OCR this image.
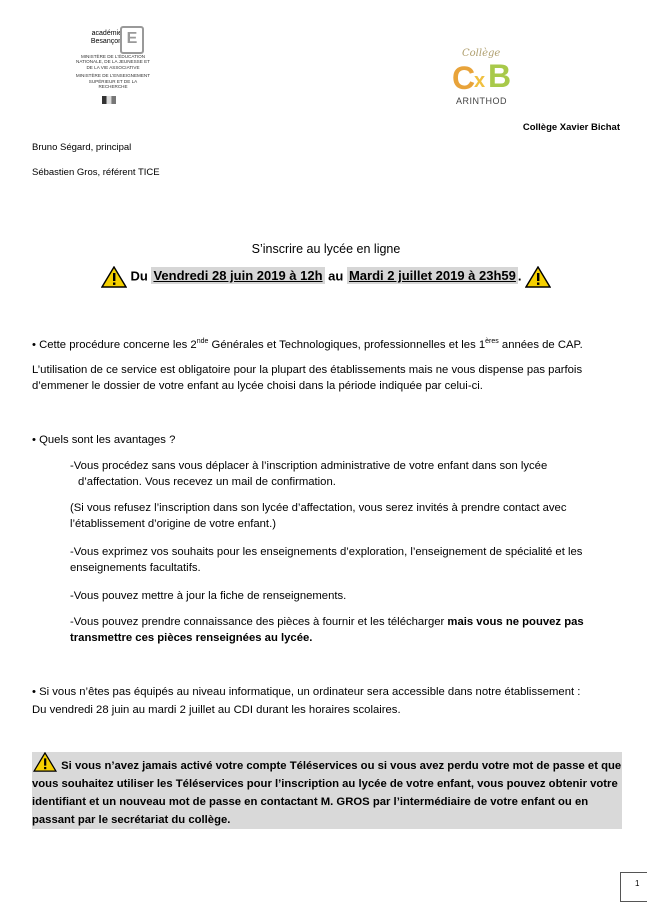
académie Besançon E
MINISTÈRE DE L'ÉDUCATION NATIONALE, DE LA JEUNESSE ET DE LA VIE ASSOCIATIVE
MINISTÈRE DE L'ENSEIGNEMENT SUPÉRIEUR ET DE LA RECHERCHE
Collège
C
x B
ARINTHOD
Collège Xavier Bichat
Bruno Ségard, principal
Sébastien Gros, référent TICE
S’inscrire au lycée en ligne
Du Vendredi 28 juin 2019 à 12h au Mardi 2 juillet 2019 à 23h59 .
• Cette procédure concerne les 2nde Générales et Technologiques, professionnelles et les 1ères années de CAP.
L’utilisation de ce service est obligatoire pour la plupart des établissements mais ne vous dispense pas parfois d’emmener le dossier de votre enfant au lycée choisi dans la période indiquée par celui-ci.
• Quels sont les avantages ?
-Vous procédez sans vous déplacer à l’inscription administrative de votre enfant dans son lycée
d’affectation. Vous recevez un mail de confirmation.
(Si vous refusez l’inscription dans son lycée d’affectation, vous serez invités à prendre contact avec l’établissement d’origine de votre enfant.)
-Vous exprimez vos souhaits pour les enseignements d’exploration, l’enseignement de spécialité et les enseignements facultatifs.
-Vous pouvez mettre à jour la fiche de renseignements.
-Vous pouvez prendre connaissance des pièces à fournir et les télécharger mais vous ne pouvez pas transmettre ces pièces renseignées au lycée.
• Si vous n’êtes pas équipés au niveau informatique, un ordinateur sera accessible dans notre établissement :
Du vendredi 28 juin au mardi 2 juillet au CDI durant les horaires scolaires.
Si vous n’avez jamais activé votre compte Téléservices ou si vous avez perdu votre mot de passe et que vous souhaitez utiliser les Téléservices pour l’inscription au lycée de votre enfant, vous pouvez obtenir votre identifiant et un nouveau mot de passe en contactant M. GROS par l’intermédiaire de votre enfant ou en passant par le secrétariat du collège.
1
